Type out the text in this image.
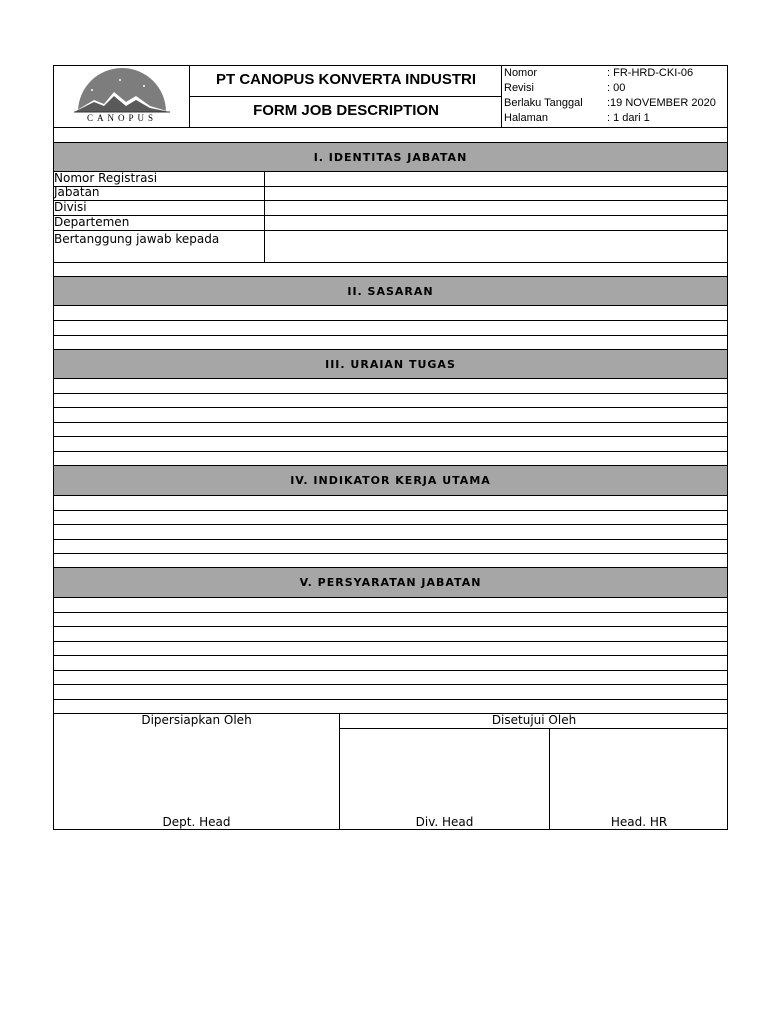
CANOPUS
PT CANOPUS KONVERTA INDUSTRI
FORM JOB DESCRIPTION
Nomor	: FR-HRD-CKI-06
Revisi	: 00
Berlaku Tanggal :19 NOVEMBER 2020
Halaman	: 1 dari 1
I. IDENTITAS JABATAN
Nomor Registrasi
Jabatan
Divisi
Departemen
Bertanggung jawab kepada
II. SASARAN
III. URAIAN TUGAS
IV. INDIKATOR KERJA UTAMA
V. PERSYARATAN JABATAN
Dipersiapkan Oleh	Disetujui Oleh
Dept. Head	Div. Head	Head. HR
